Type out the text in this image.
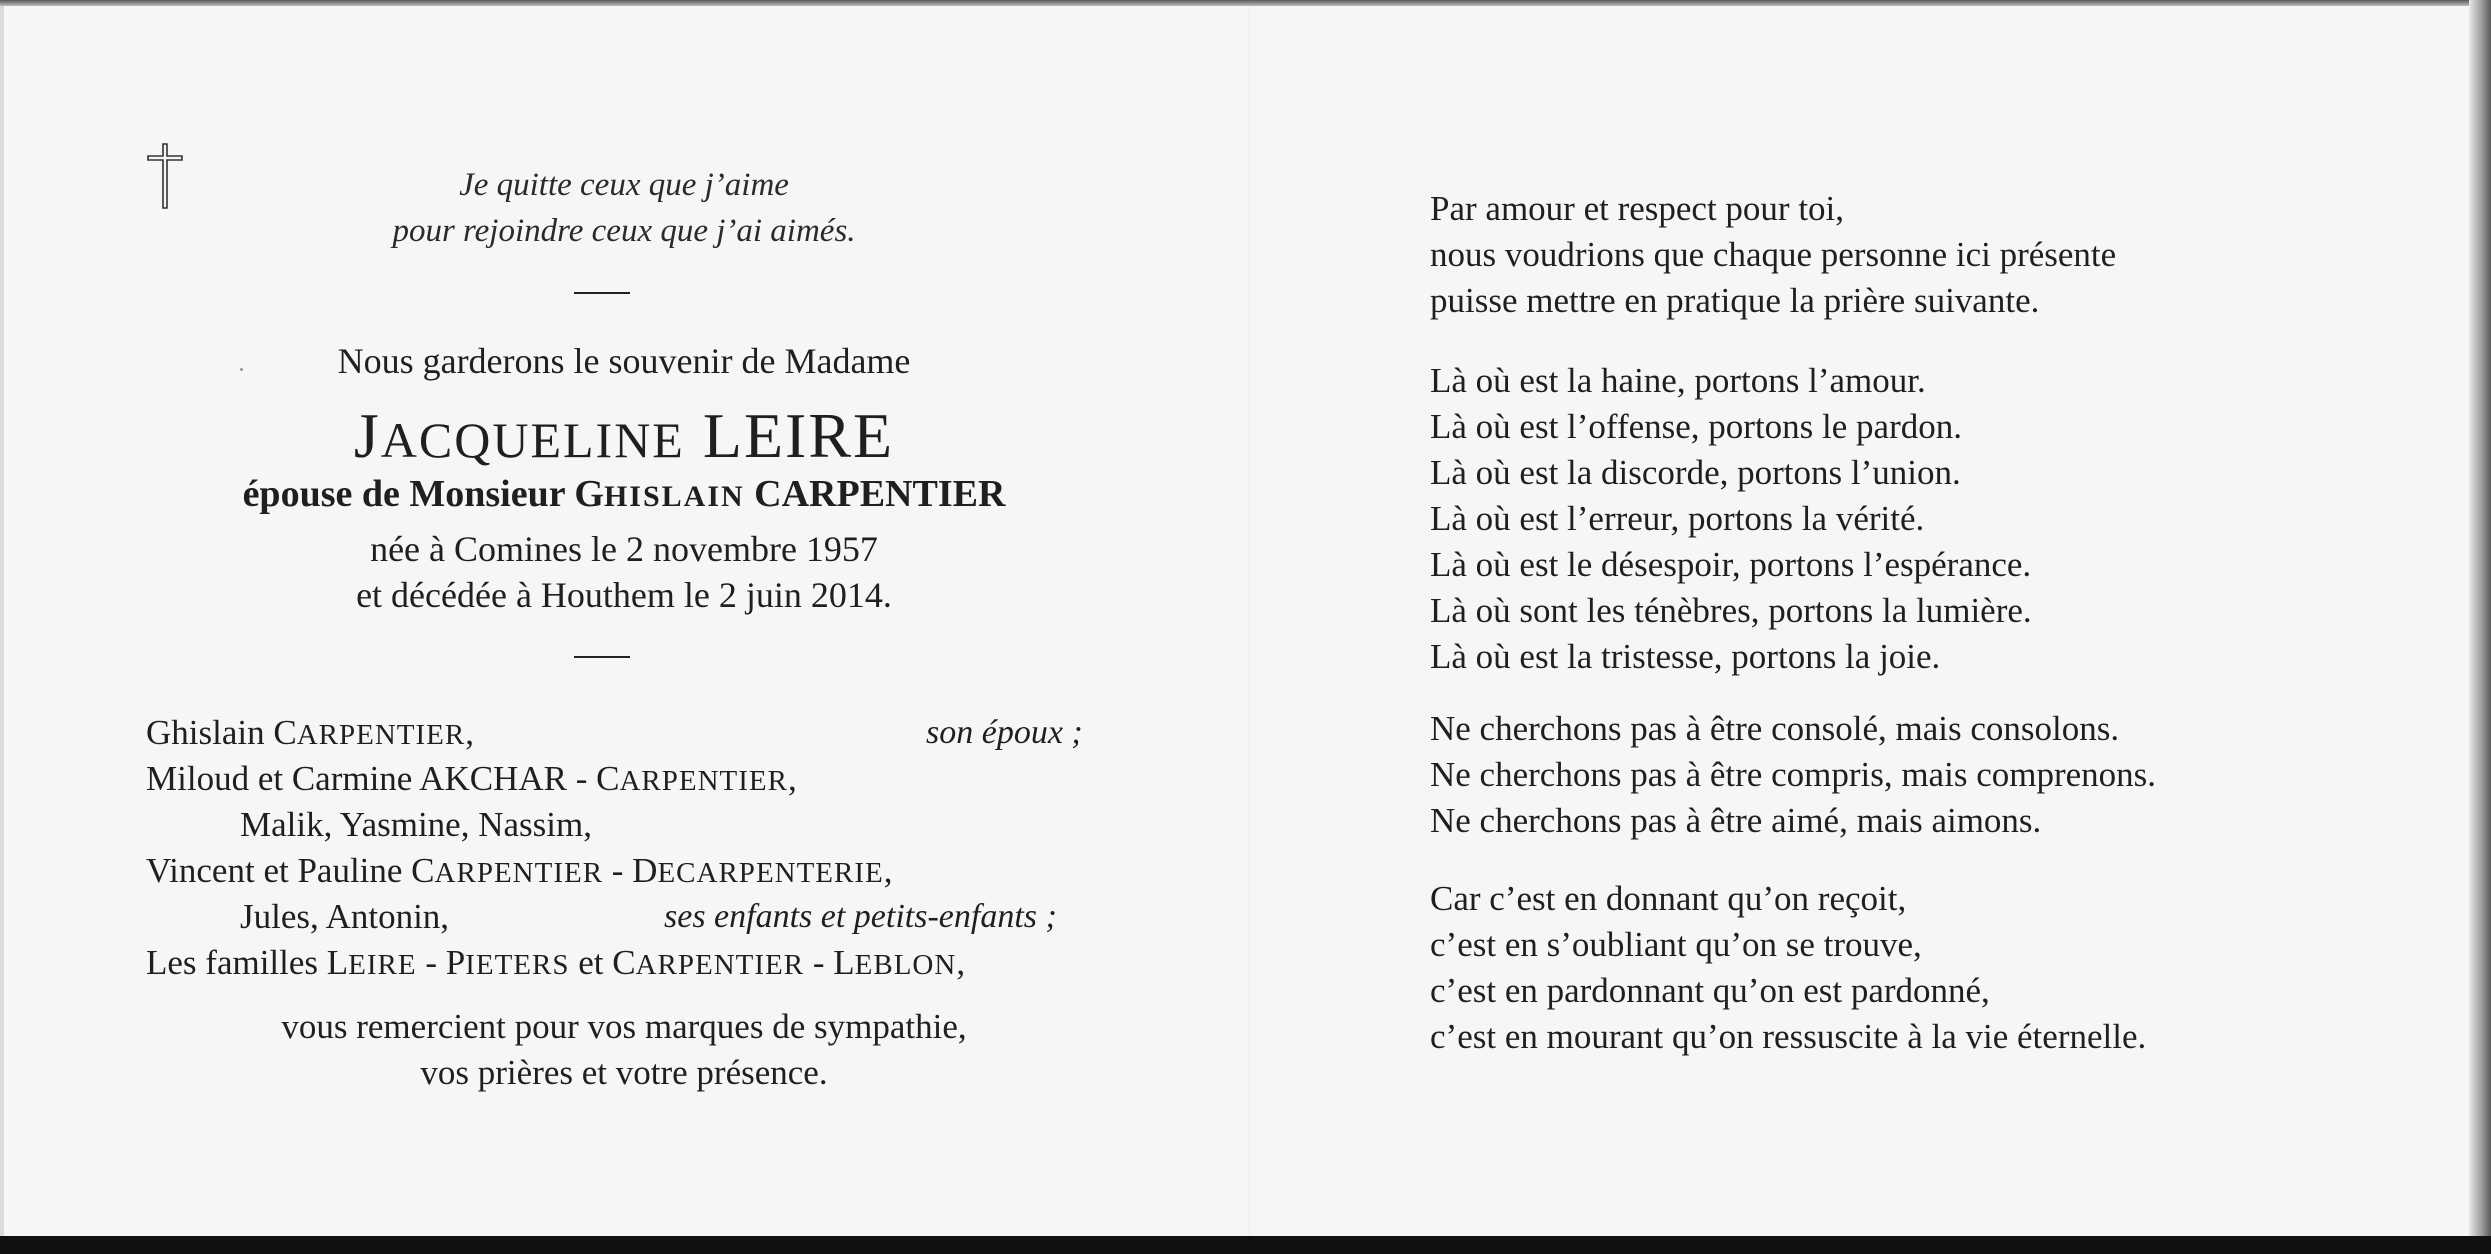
Je quitte ceux que j’aime
pour rejoindre ceux que j’ai aimés.
Nous garderons le souvenir de Madame
JACQUELINE LEIRE
épouse de Monsieur GHISLAIN CARPENTIER
née à Comines le 2 novembre 1957
et décédée à Houthem le 2 juin 2014.
Ghislain CARPENTIER,	son époux ;
Miloud et Carmine AKCHAR - CARPENTIER,
Malik, Yasmine, Nassim,
Vincent et Pauline CARPENTIER - DECARPENTERIE,
Jules, Antonin,	ses enfants et petits-enfants ;
Les familles LEIRE - PIETERS et CARPENTIER - LEBLON,
vous remercient pour vos marques de sympathie,
vos prières et votre présence.
Par amour et respect pour toi,
nous voudrions que chaque personne ici présente
puisse mettre en pratique la prière suivante.
Là où est la haine, portons l’amour.
Là où est l’offense, portons le pardon.
Là où est la discorde, portons l’union.
Là où est l’erreur, portons la vérité.
Là où est le désespoir, portons l’espérance.
Là où sont les ténèbres, portons la lumière.
Là où est la tristesse, portons la joie.
Ne cherchons pas à être consolé, mais consolons.
Ne cherchons pas à être compris, mais comprenons.
Ne cherchons pas à être aimé, mais aimons.
Car c’est en donnant qu’on reçoit,
c’est en s’oubliant qu’on se trouve,
c’est en pardonnant qu’on est pardonné,
c’est en mourant qu’on ressuscite à la vie éternelle.
